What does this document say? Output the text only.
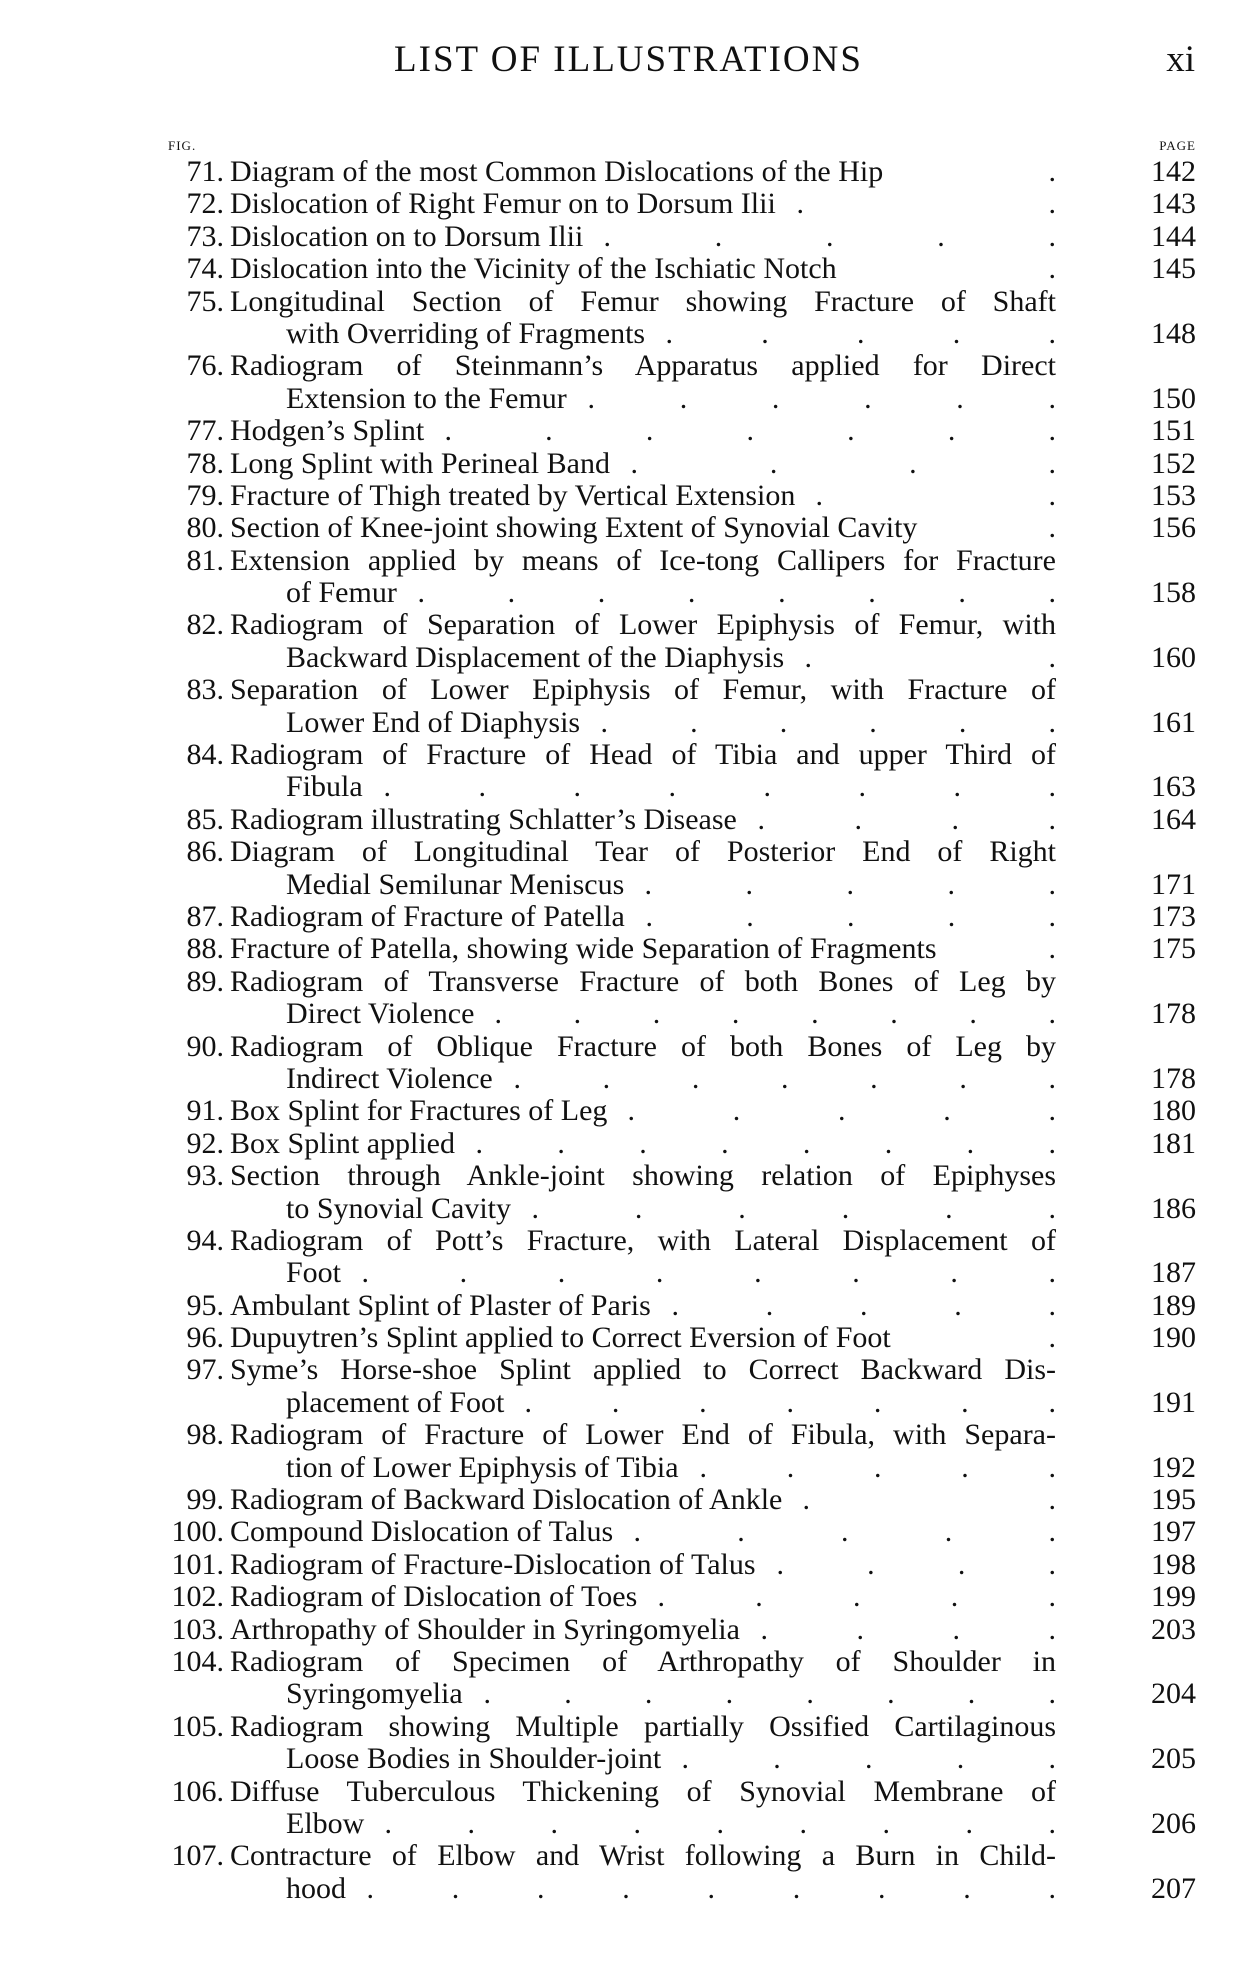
LIST OF ILLUSTRATIONS	xi
FIG.	PAGE
71. Diagram of the most Common Dislocations of the Hip	.	142
72. Dislocation of Right Femur on to Dorsum Ilii . .	143
73. Dislocation on to Dorsum Ilii . . . . .	144
74. Dislocation into the Vicinity of the Ischiatic Notch	.	145
75. Longitudinal Section of Femur showing Fracture of Shaft
with Overriding of Fragments . . . . .	148
76. Radiogram of Steinmann’s Apparatus applied for Direct
Extension to the Femur . . . . . .	150
77. Hodgen’s Splint . . . . . . .	151
78. Long Splint with Perineal Band . . . .	152
79. Fracture of Thigh treated by Vertical Extension . .	153
80. Section of Knee-joint showing Extent of Synovial Cavity	.	156
81. Extension applied by means of Ice-tong Callipers for Fracture
of Femur . . . . . . . .	158
82. Radiogram of Separation of Lower Epiphysis of Femur, with
Backward Displacement of the Diaphysis . .	160
83. Separation of Lower Epiphysis of Femur, with Fracture of
Lower End of Diaphysis . . . . . .	161
84. Radiogram of Fracture of Head of Tibia and upper Third of
Fibula . . . . . . . .	163
85. Radiogram illustrating Schlatter’s Disease . . . .	164
86. Diagram of Longitudinal Tear of Posterior End of Right
Medial Semilunar Meniscus . . . . .	171
87. Radiogram of Fracture of Patella . . . . .	173
88. Fracture of Patella, showing wide Separation of Fragments	.	175
89. Radiogram of Transverse Fracture of both Bones of Leg by
Direct Violence . . . . . . . .	178
90. Radiogram of Oblique Fracture of both Bones of Leg by
Indirect Violence . . . . . . .	178
91. Box Splint for Fractures of Leg . . . . .	180
92. Box Splint applied . . . . . . . .	181
93. Section through Ankle-joint showing relation of Epiphyses
to Synovial Cavity . . . . . .	186
94. Radiogram of Pott’s Fracture, with Lateral Displacement of
Foot . . . . . . . .	187
95. Ambulant Splint of Plaster of Paris . . . . .	189
96. Dupuytren’s Splint applied to Correct Eversion of Foot	.	190
97. Syme’s Horse-shoe Splint applied to Correct Backward Dis-
placement of Foot . . . . . . .	191
98. Radiogram of Fracture of Lower End of Fibula, with Separa-
tion of Lower Epiphysis of Tibia . . . . .	192
99. Radiogram of Backward Dislocation of Ankle . .	195
100. Compound Dislocation of Talus . . . . .	197
101. Radiogram of Fracture-Dislocation of Talus . . . .	198
102. Radiogram of Dislocation of Toes . . . . .	199
103. Arthropathy of Shoulder in Syringomyelia . . . .	203
104. Radiogram of Specimen of Arthropathy of Shoulder in
Syringomyelia . . . . . . . .	204
105. Radiogram showing Multiple partially Ossified Cartilaginous
Loose Bodies in Shoulder-joint . . . . .	205
106. Diffuse Tuberculous Thickening of Synovial Membrane of
Elbow . . . . . . . . .	206
107. Contracture of Elbow and Wrist following a Burn in Child-
hood . . . . . . . . .	207
